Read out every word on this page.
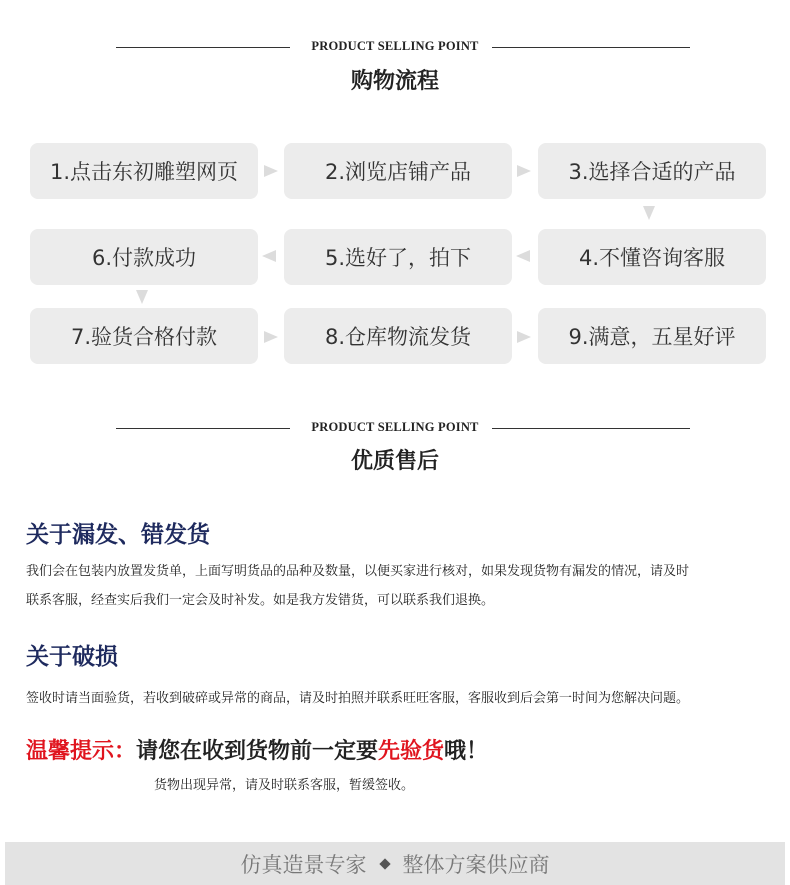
PRODUCT SELLING POINT
购物流程
1.点击东初雕塑网页	2.浏览店铺产品	3.选择合适的产品
6.付款成功	5.选好了，拍下	4.不懂咨询客服
7.验货合格付款	8.仓库物流发货	9.满意，五星好评
PRODUCT SELLING POINT
优质售后
关于漏发、错发货
我们会在包装内放置发货单，上面写明货品的品种及数量，以便买家进行核对，如果发现货物有漏发的情况，请及时
联系客服，经查实后我们一定会及时补发。如是我方发错货，可以联系我们退换。
关于破损
签收时请当面验货，若收到破碎或异常的商品，请及时拍照并联系旺旺客服，客服收到后会第一时间为您解决问题。
温馨提示：请您在收到货物前一定要先验货哦！
货物出现异常，请及时联系客服，暂缓签收。
仿真造景专家 整体方案供应商
